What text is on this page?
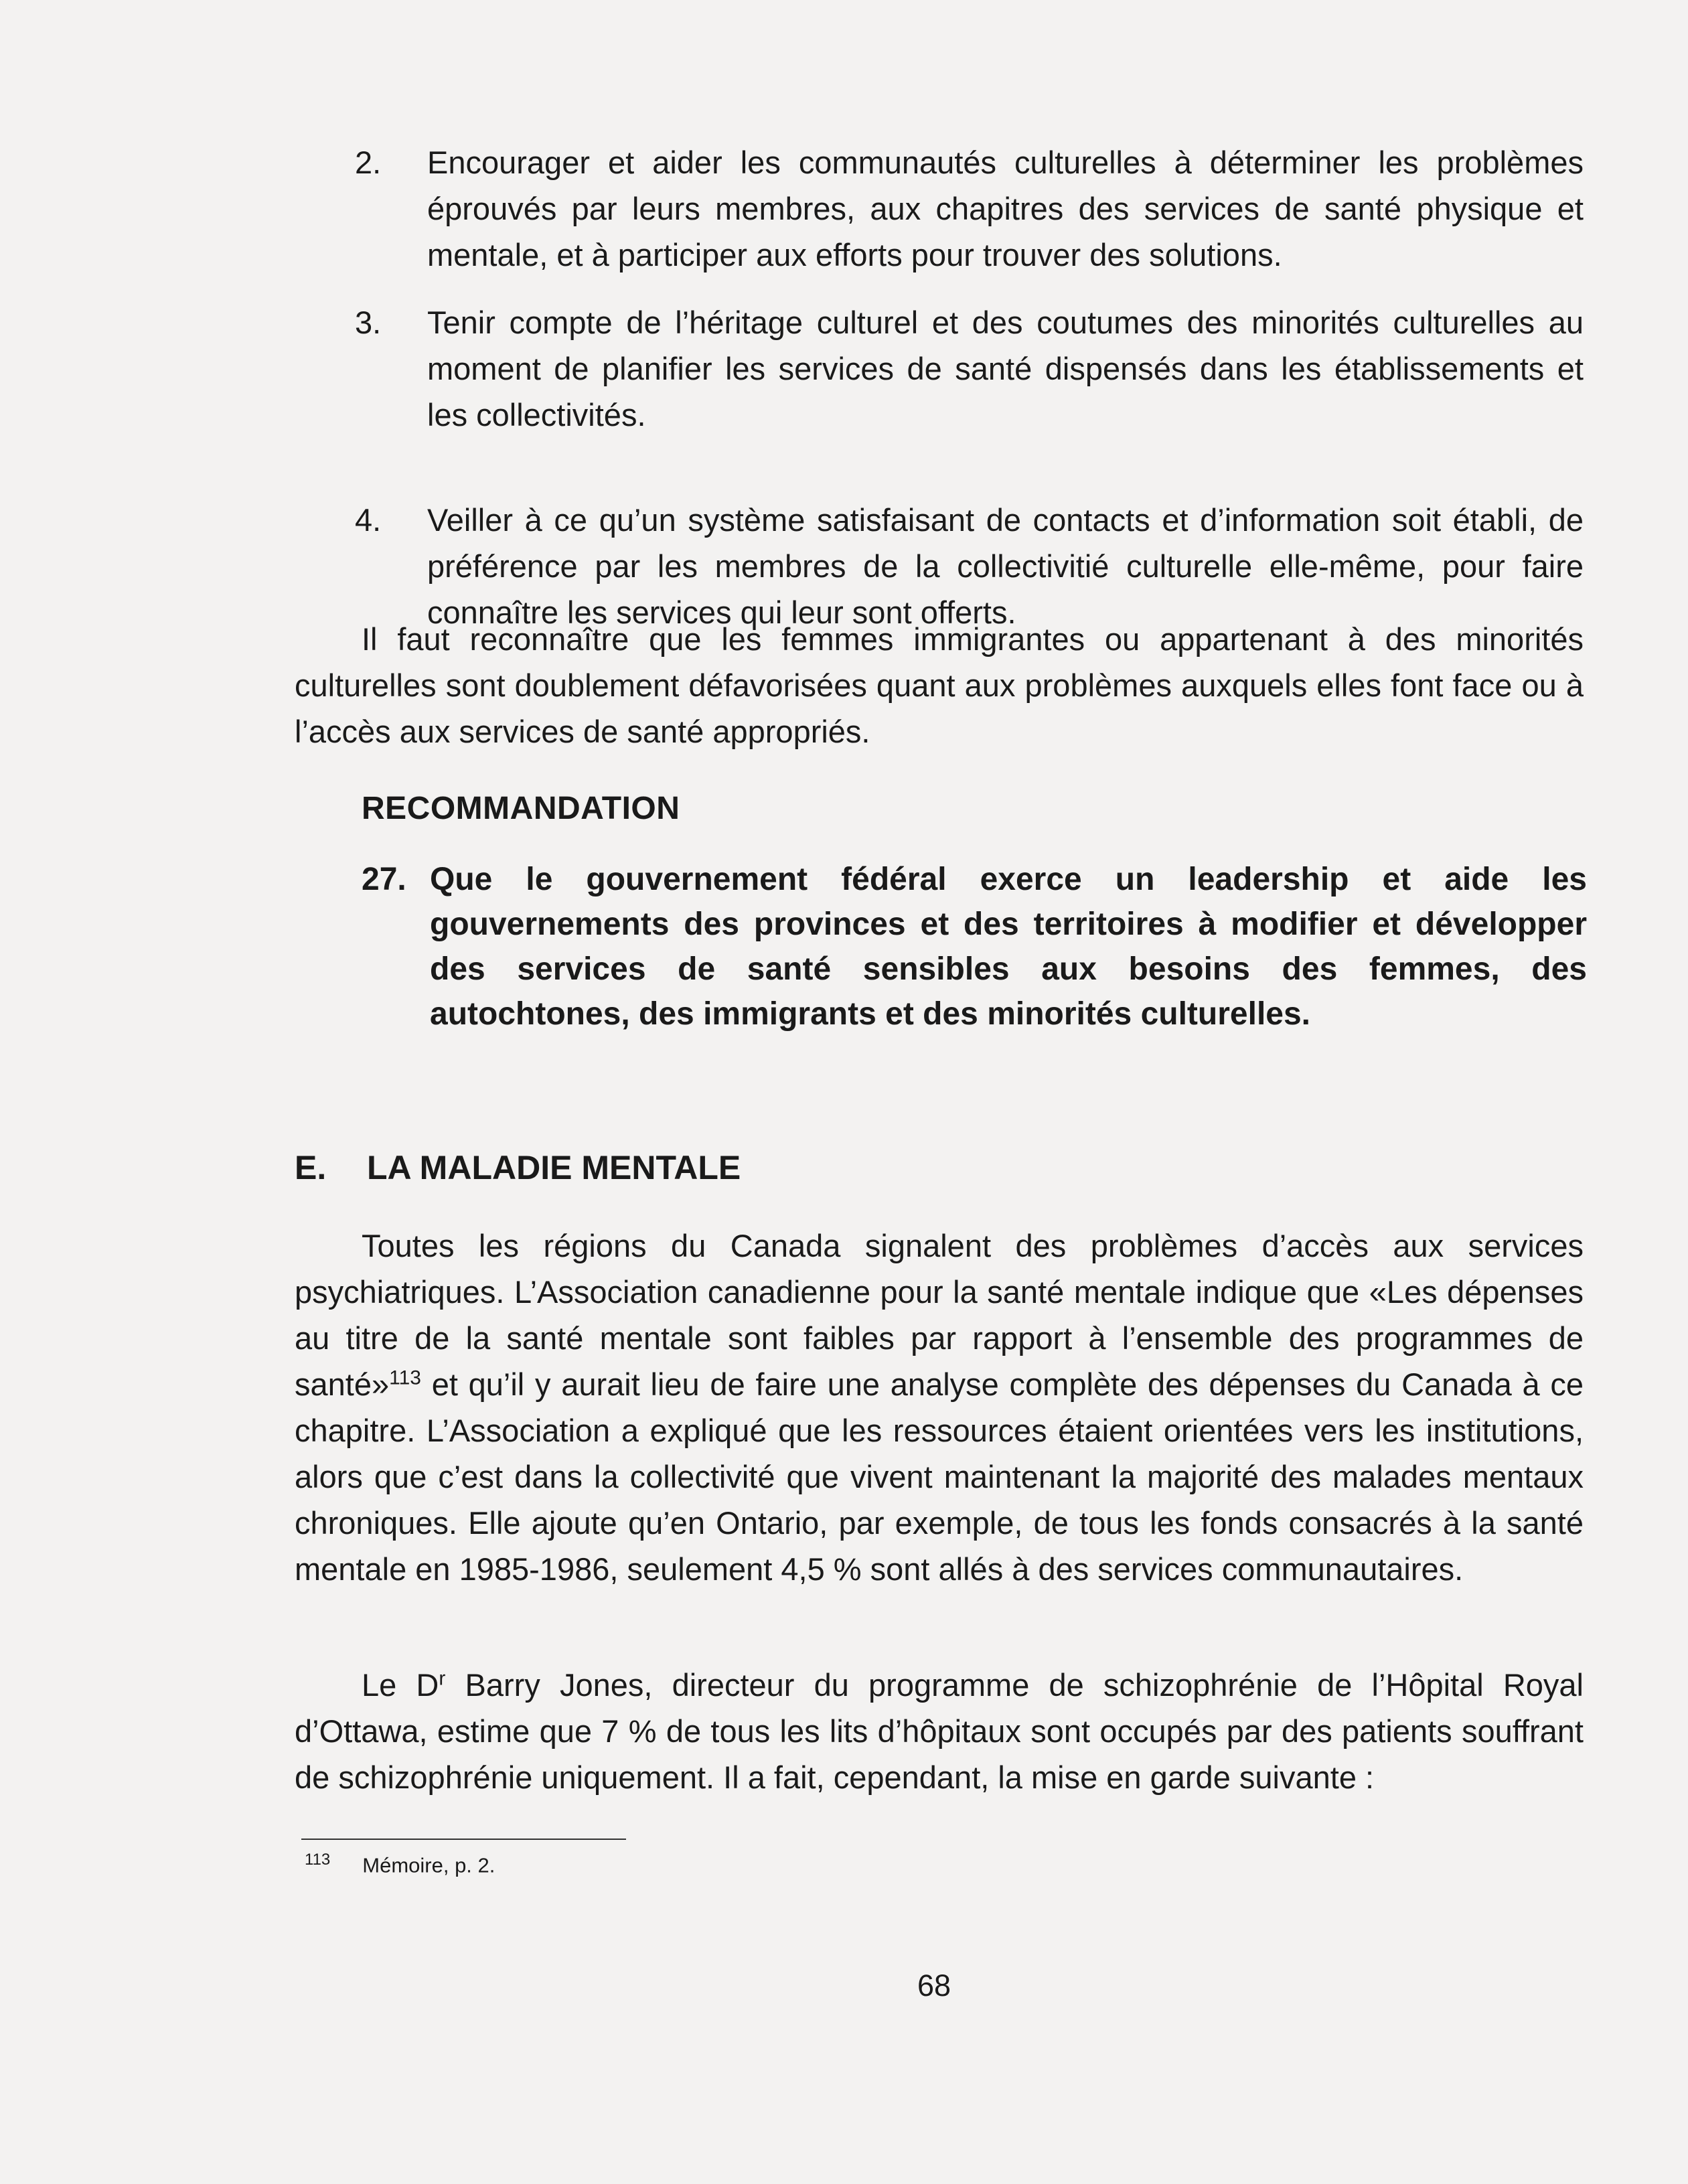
2. Encourager et aider les communautés culturelles à déterminer les problèmes éprouvés par leurs membres, aux chapitres des services de santé physique et mentale, et à participer aux efforts pour trouver des solutions.
3. Tenir compte de l’héritage culturel et des coutumes des minorités culturelles au moment de planifier les services de santé dispensés dans les établissements et les collectivités.
4. Veiller à ce qu’un système satisfaisant de contacts et d’information soit établi, de préférence par les membres de la collectivitié culturelle elle-même, pour faire connaître les services qui leur sont offerts.

Il faut reconnaître que les femmes immigrantes ou appartenant à des minorités culturelles sont doublement défavorisées quant aux problèmes auxquels elles font face ou à l’accès aux services de santé appropriés.

RECOMMANDATION
27. Que le gouvernement fédéral exerce un leadership et aide les gouvernements des provinces et des territoires à modifier et développer des services de santé sensibles aux besoins des femmes, des autochtones, des immigrants et des minorités culturelles.
E. LA MALADIE MENTALE

Toutes les régions du Canada signalent des problèmes d’accès aux services psychiatriques. L’Association canadienne pour la santé mentale indique que «Les dépenses au titre de la santé mentale sont faibles par rapport à l’ensemble des programmes de santé»$^{113}$ et qu’il y aurait lieu de faire une analyse complète des dépenses du Canada à ce chapitre. L’Association a expliqué que les ressources étaient orientées vers les institutions, alors que c’est dans la collectivité que vivent maintenant la majorité des malades mentaux chroniques. Elle ajoute qu’en Ontario, par exemple, de tous les fonds consacrés à la santé mentale en 1985-1986, seulement 4,5 % sont allés à des services communautaires.

Le $D^r$ Barry Jones, directeur du programme de schizophrénie de l’Hôpital Royal d’Ottawa, estime que 7 % de tous les lits d’hôpitaux sont occupés par des patients souffrant de schizophrénie uniquement. Il a fait, cependant, la mise en garde suivante :

$^{113}$ Mémoire, p. 2.
68
